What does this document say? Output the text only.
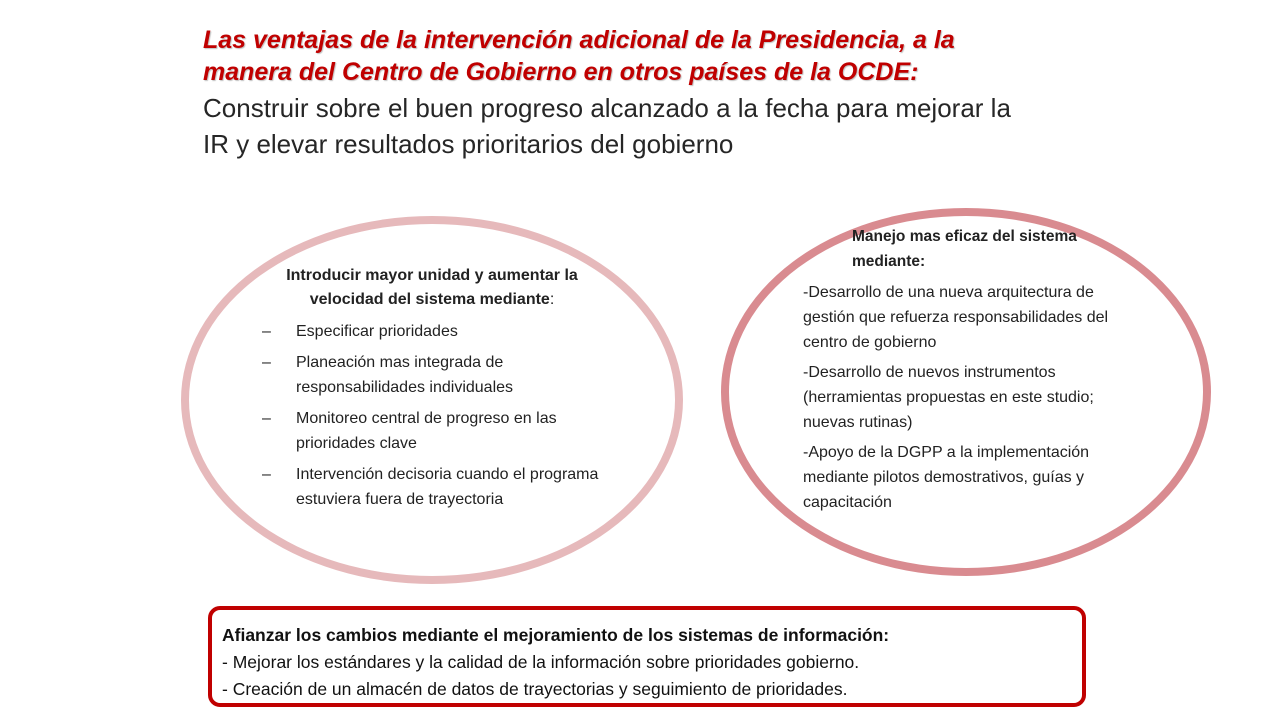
Las ventajas de la intervención adicional de la Presidencia, a la
manera del Centro de Gobierno en otros países de la OCDE:
Construir sobre el buen progreso alcanzado a la fecha para mejorar la
IR y elevar resultados prioritarios del gobierno
Introducir mayor unidad y aumentar la velocidad del sistema mediante:
– Especificar prioridades
– Planeación mas integrada de responsabilidades individuales
– Monitoreo central de progreso en las prioridades clave
– Intervención decisoria cuando el programa estuviera fuera de trayectoria
Manejo mas eficaz del sistema mediante:

-Desarrollo de una nueva arquitectura de gestión que refuerza responsabilidades del centro de gobierno

-Desarrollo de nuevos instrumentos (herramientas propuestas en este studio; nuevas rutinas)

-Apoyo de la DGPP a la implementación mediante pilotos demostrativos, guías y capacitación

Afianzar los cambios mediante el mejoramiento de los sistemas de información:
- Mejorar los estándares y la calidad de la información sobre prioridades gobierno.
- Creación de un almacén de datos de trayectorias y seguimiento de prioridades.
